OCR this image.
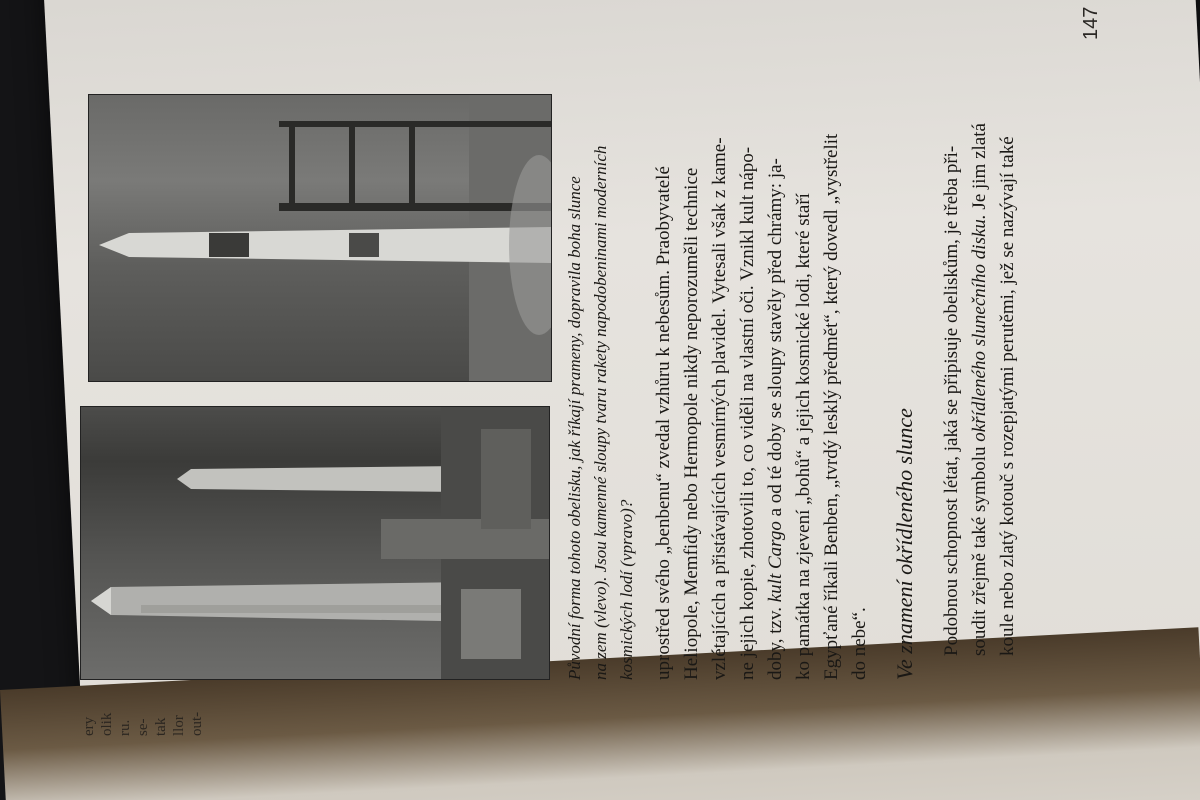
ery olik ru. se- tak llor out-
Původní forma tohoto obelisku, jak říkají prameny, dopravila boha slunce na zem (vlevo). Jsou kamenné sloupy tvaru rakety napodobeninami moderních kosmických lodí (vpravo)? uprostřed svého „benbenu“ zvedal vzhůru k nebesům. Praobyvatelé Heliopole, Memfidy nebo Hermopole nikdy neporozuměli technice vzlétajících a přistávajících vesmírných plavidel. Vytesali však z kame- ne jejich kopie, zhotovili to, co viděli na vlastní oči. Vznikl kult nápo- doby, tzv. kult Cargo a od té doby se sloupy stavěly před chrámy: ja- ko památka na zjevení „bohů“ a jejich kosmické lodi, které staří Egypťané říkali Benben, „tvrdý lesklý předmět“, který dovedl „vystřelit do nebe“. Ve znamení okřídleného slunce Podobnou schopnost létat, jaká se připisuje obeliskům, je třeba při- soudit zřejmě také symbolu okřídleného slunečního disku. Je jim zlatá koule nebo zlatý kotouč s rozepjatými perutěmi, jež se nazývají také
147
